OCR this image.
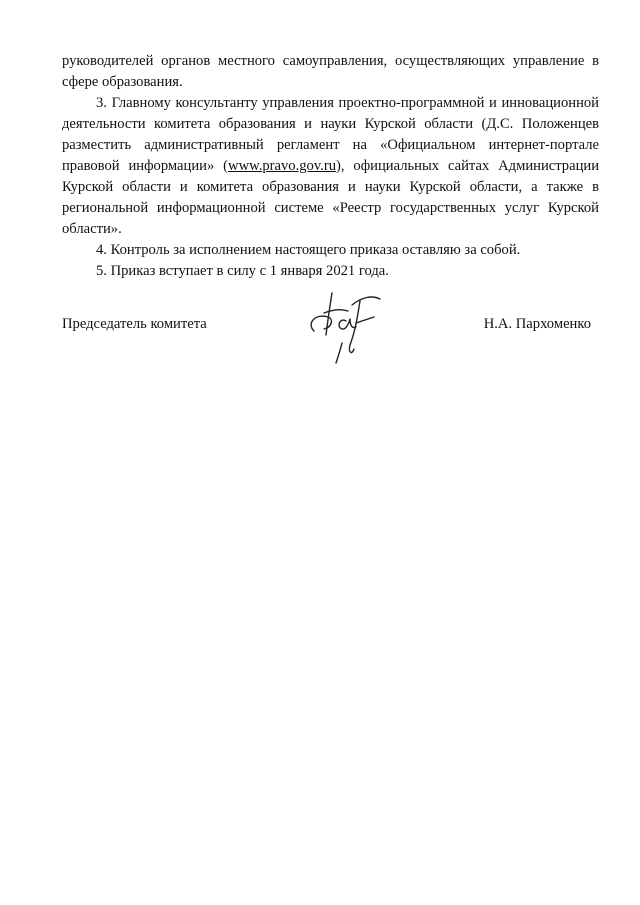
руководителей органов местного самоуправления, осуществляющих управление в сфере образования.

3. Главному консультанту управления проектно-программной и инновационной деятельности комитета образования и науки Курской области (Д.С. Положенцев разместить административный регламент на «Официальном интернет-портале правовой информации» (www.pravo.gov.ru), официальных сайтах Администрации Курской области и комитета образования и науки Курской области, а также в региональной информационной системе «Реестр государственных услуг Курской области».

4. Контроль за исполнением настоящего приказа оставляю за собой.

5. Приказ вступает в силу с 1 января 2021 года.

Председатель комитета	Н.А. Пархоменко
